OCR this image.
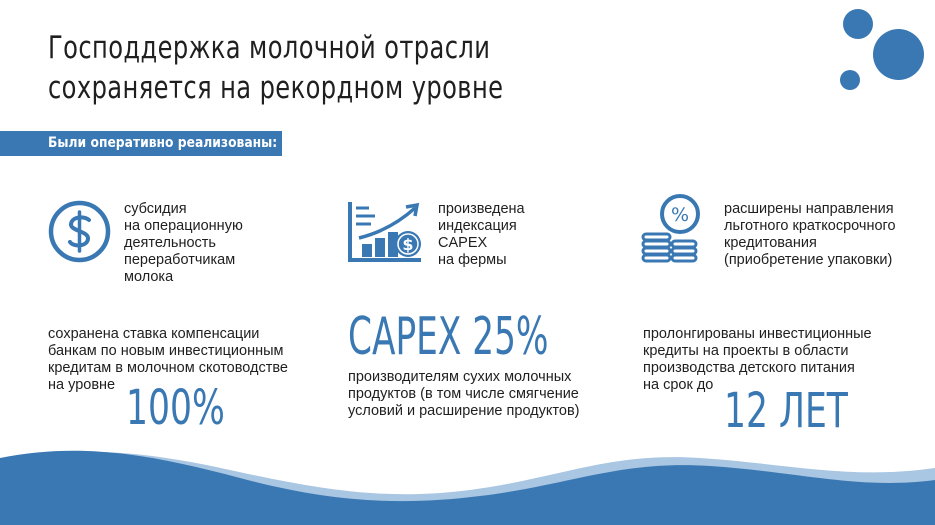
Господдержка молочной отрасли
сохраняется на рекордном уровне
Были оперативно реализованы:
$
%
субсидия
на операционную
деятельность
переработчикам
молока
произведена
индексация
CAPEX
на фермы
расширены направления
льготного краткосрочного
кредитования
(приобретение упаковки)
сохранена ставка компенсации
банкам по новым инвестиционным
кредитам в молочном скотоводстве
на уровне 100%
CAPEX 25%
производителям сухих молочных
продуктов (в том числе смягчение
условий и расширение продуктов)
пролонгированы инвестиционные
кредиты на проекты в области
производства детского питания
на срок до 12 ЛЕТ
